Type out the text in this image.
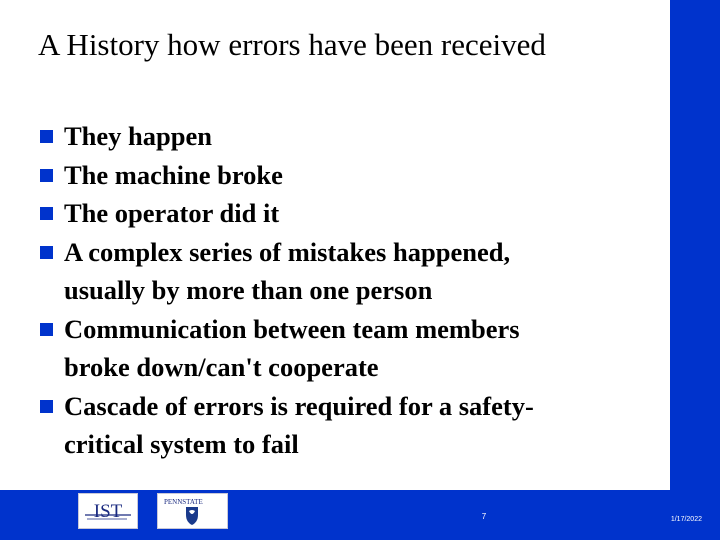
A History how errors have been received
They happen
The machine broke
The operator did it
A complex series of mistakes happened,
usually by more than one person
Communication between team members
broke down/can't cooperate
Cascade of errors is required for a safety-
critical system to fail
IST	PENNSTATE
7	1/17/2022
